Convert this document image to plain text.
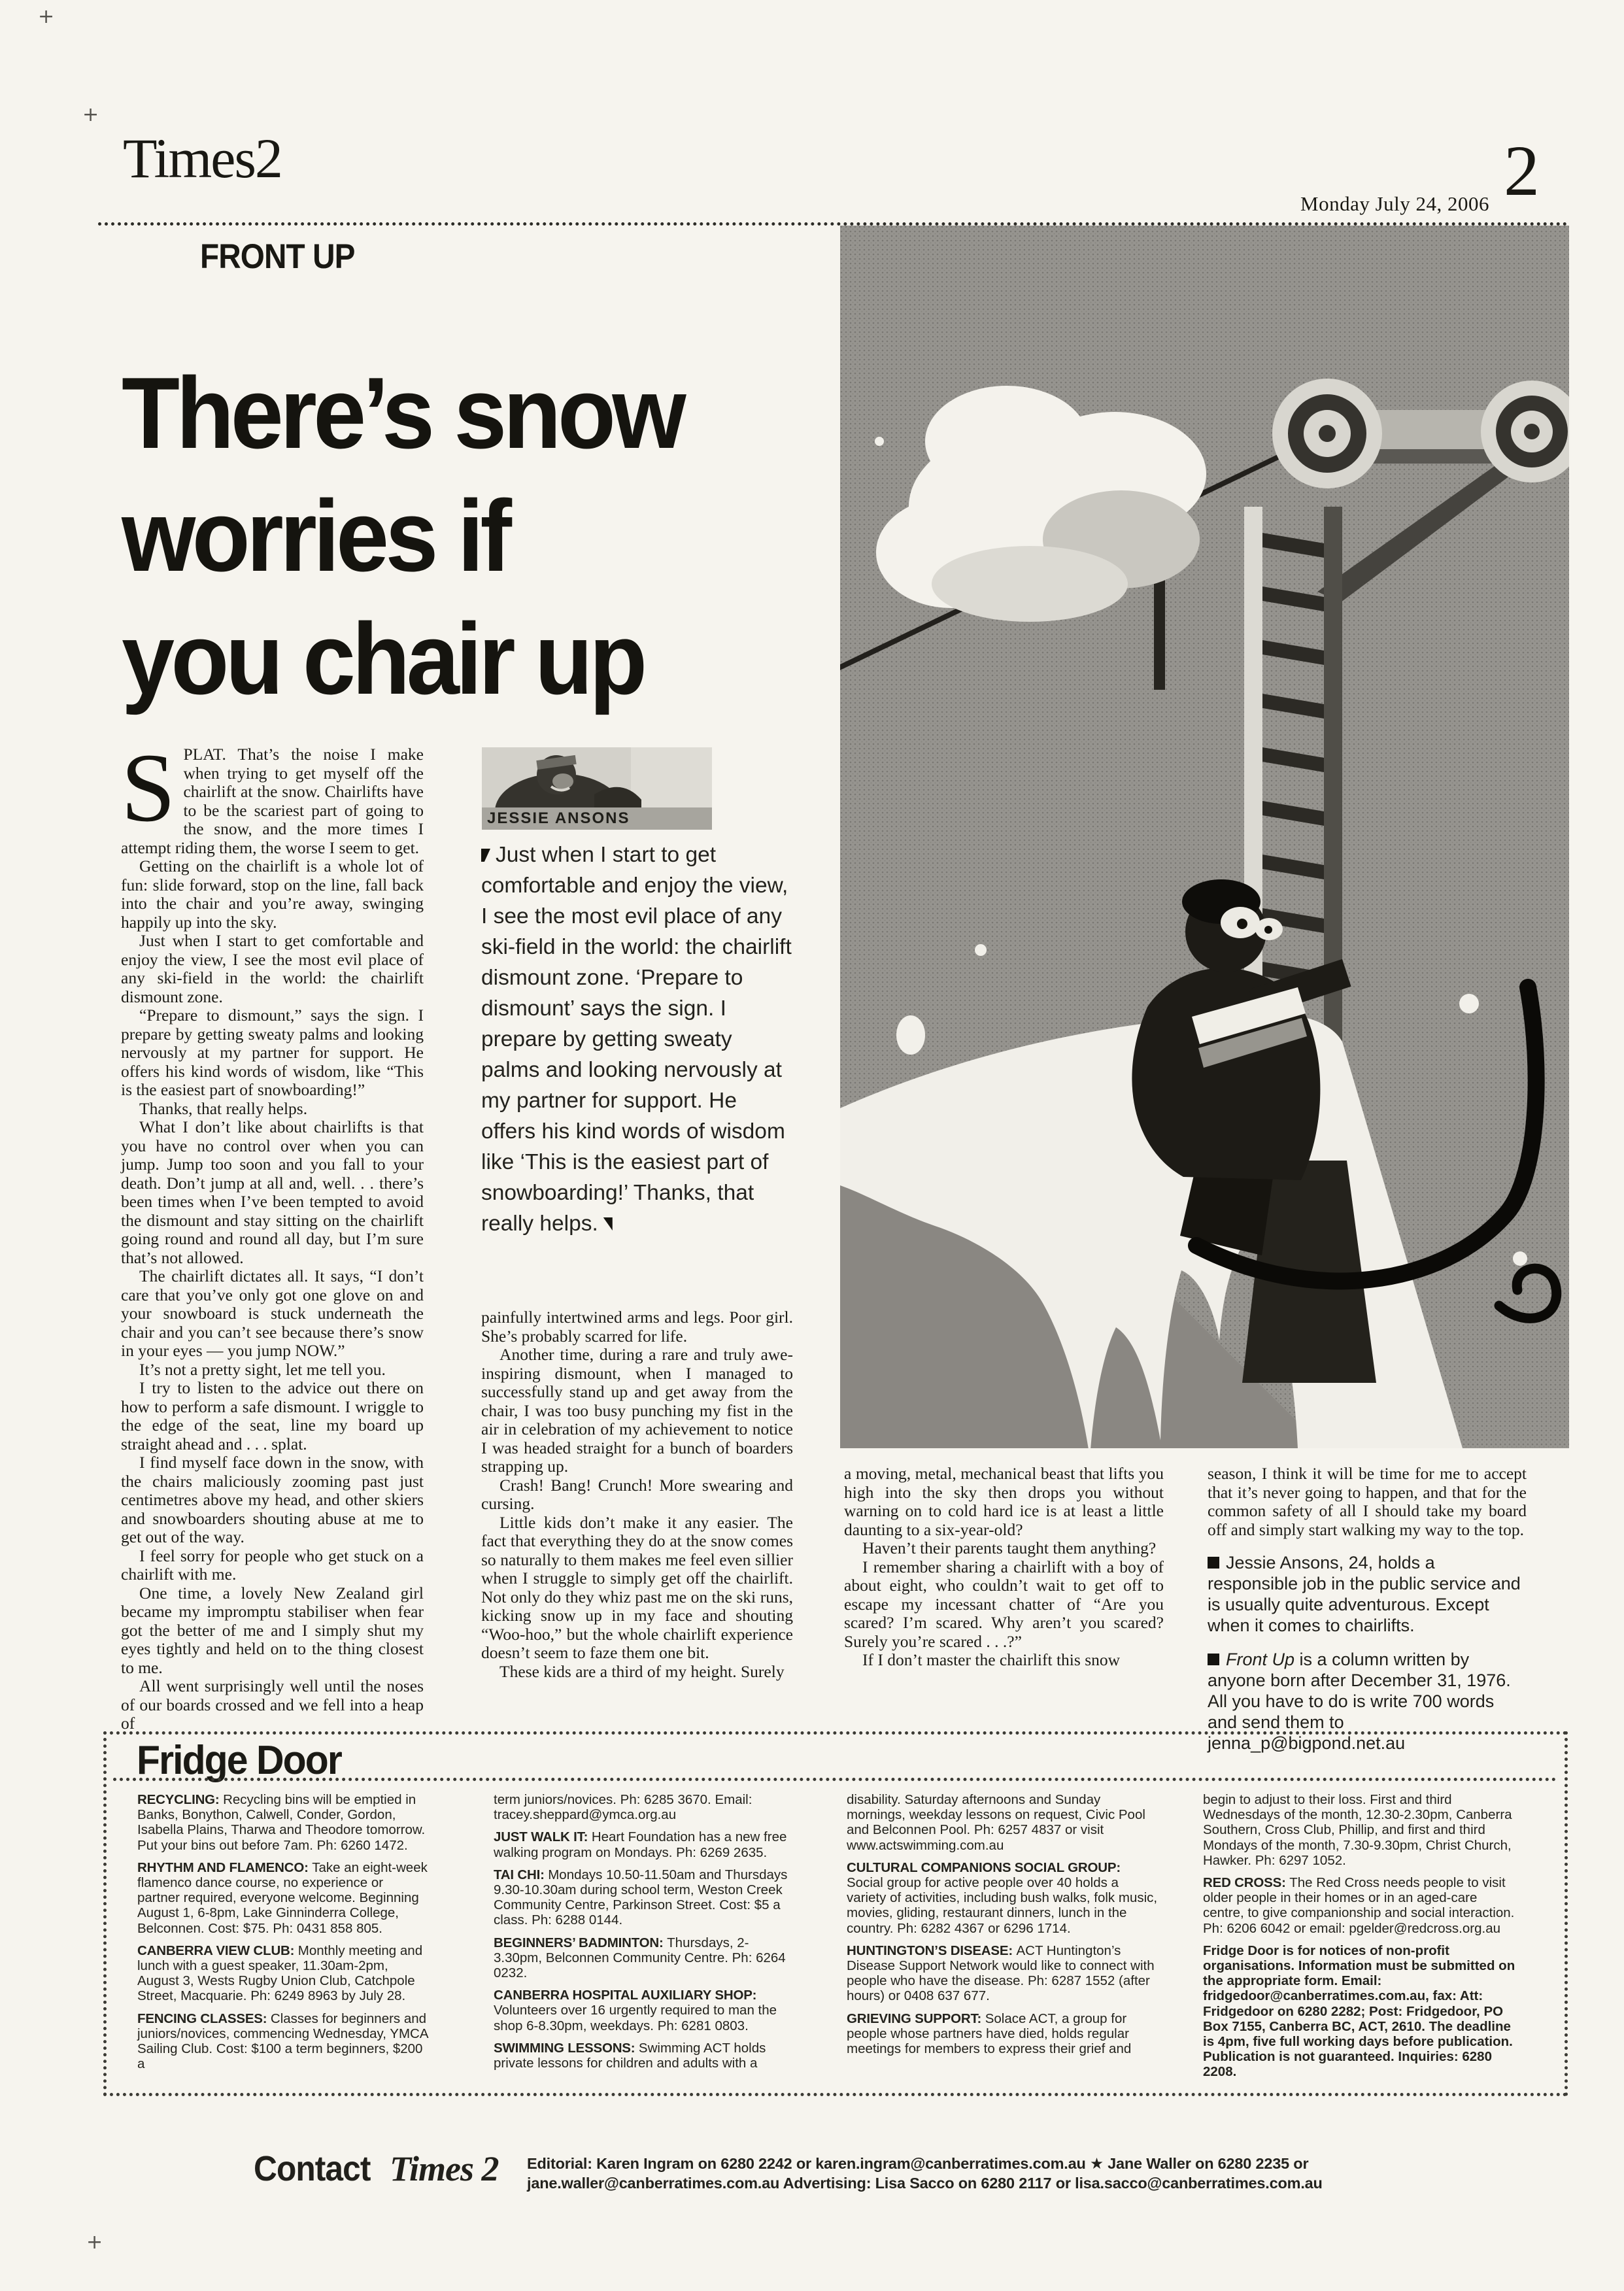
+
+
+
Times2
Monday July 24, 2006 2
FRONT UP
There’s snow
worries if
you chair up
JESSIE ANSONS
Just when I start to get comfortable and enjoy the view, I see the most evil place of any ski-field in the world: the chairlift dismount zone. ‘Prepare to dismount’ says the sign. I prepare by getting sweaty palms and looking nervously at my partner for support. He offers his kind words of wisdom like ‘This is the easiest part of snowboarding!’ Thanks, that really helps.

SPLAT. That’s the noise I make when trying to get myself off the chairlift at the snow. Chairlifts have to be the scariest part of going to the snow, and the more times I attempt riding them, the worse I seem to get.

Getting on the chairlift is a whole lot of fun: slide forward, stop on the line, fall back into the chair and you’re away, swinging happily up into the sky.

Just when I start to get comfortable and enjoy the view, I see the most evil place of any ski-field in the world: the chairlift dismount zone.

“Prepare to dismount,” says the sign. I prepare by getting sweaty palms and looking nervously at my partner for support. He offers his kind words of wisdom, like “This is the easiest part of snowboarding!”

Thanks, that really helps.

What I don’t like about chairlifts is that you have no control over when you can jump. Jump too soon and you fall to your death. Don’t jump at all and, well. . . there’s been times when I’ve been tempted to avoid the dismount and stay sitting on the chairlift going round and round all day, but I’m sure that’s not allowed.

The chairlift dictates all. It says, “I don’t care that you’ve only got one glove on and your snowboard is stuck underneath the chair and you can’t see because there’s snow in your eyes — you jump NOW.”

It’s not a pretty sight, let me tell you.

I try to listen to the advice out there on how to perform a safe dismount. I wriggle to the edge of the seat, line my board up straight ahead and . . . splat.

I find myself face down in the snow, with the chairs maliciously zooming past just centimetres above my head, and other skiers and snowboarders shouting abuse at me to get out of the way.

I feel sorry for people who get stuck on a chairlift with me.

One time, a lovely New Zealand girl became my impromptu stabiliser when fear got the better of me and I simply shut my eyes tightly and held on to the thing closest to me.

All went surprisingly well until the noses of our boards crossed and we fell into a heap of

painfully intertwined arms and legs. Poor girl. She’s probably scarred for life.

Another time, during a rare and truly awe-inspiring dismount, when I managed to successfully stand up and get away from the chair, I was too busy punching my fist in the air in celebration of my achievement to notice I was headed straight for a bunch of boarders strapping up.

Crash! Bang! Crunch! More swearing and cursing.

Little kids don’t make it any easier. The fact that everything they do at the snow comes so naturally to them makes me feel even sillier when I struggle to simply get off the chairlift. Not only do they whiz past me on the ski runs, kicking snow up in my face and shouting “Woo-hoo,” but the whole chairlift experience doesn’t seem to faze them one bit.

These kids are a third of my height. Surely

a moving, metal, mechanical beast that lifts you high into the sky then drops you without warning on to cold hard ice is at least a little daunting to a six-year-old?

Haven’t their parents taught them anything?

I remember sharing a chairlift with a boy of about eight, who couldn’t wait to get off to escape my incessant chatter of “Are you scared? I’m scared. Why aren’t you scared? Surely you’re scared . . .?”

If I don’t master the chairlift this snow

season, I think it will be time for me to accept that it’s never going to happen, and that for the common safety of all I should take my board off and simply start walking my way to the top.

Jessie Ansons, 24, holds a responsible job in the public service and is usually quite adventurous. Except when it comes to chairlifts.
Front Up is a column written by anyone born after December 31, 1976. All you have to do is write 700 words and send them to jenna_p@bigpond.net.au
Fridge Door

RECYCLING: Recycling bins will be emptied in Banks, Bonython, Calwell, Conder, Gordon, Isabella Plains, Tharwa and Theodore tomorrow. Put your bins out before 7am. Ph: 6260 1472.

RHYTHM AND FLAMENCO: Take an eight-week flamenco dance course, no experience or partner required, everyone welcome. Beginning August 1, 6-8pm, Lake Ginninderra College, Belconnen. Cost: $75. Ph: 0431 858 805.

CANBERRA VIEW CLUB: Monthly meeting and lunch with a guest speaker, 11.30am-2pm, August 3, Wests Rugby Union Club, Catchpole Street, Macquarie. Ph: 6249 8963 by July 28.

FENCING CLASSES: Classes for beginners and juniors/novices, commencing Wednesday, YMCA Sailing Club. Cost: $100 a term beginners, $200 a

term juniors/novices. Ph: 6285 3670. Email: tracey.sheppard@ymca.org.au

JUST WALK IT: Heart Foundation has a new free walking program on Mondays. Ph: 6269 2635.

TAI CHI: Mondays 10.50-11.50am and Thursdays 9.30-10.30am during school term, Weston Creek Community Centre, Parkinson Street. Cost: $5 a class. Ph: 6288 0144.

BEGINNERS’ BADMINTON: Thursdays, 2-3.30pm, Belconnen Community Centre. Ph: 6264 0232.

CANBERRA HOSPITAL AUXILIARY SHOP: Volunteers over 16 urgently required to man the shop 6-8.30pm, weekdays. Ph: 6281 0803.

SWIMMING LESSONS: Swimming ACT holds private lessons for children and adults with a

disability. Saturday afternoons and Sunday mornings, weekday lessons on request, Civic Pool and Belconnen Pool. Ph: 6257 4837 or visit www.actswimming.com.au

CULTURAL COMPANIONS SOCIAL GROUP: Social group for active people over 40 holds a variety of activities, including bush walks, folk music, movies, gliding, restaurant dinners, lunch in the country. Ph: 6282 4367 or 6296 1714.

HUNTINGTON’S DISEASE: ACT Huntington’s Disease Support Network would like to connect with people who have the disease. Ph: 6287 1552 (after hours) or 0408 637 677.

GRIEVING SUPPORT: Solace ACT, a group for people whose partners have died, holds regular meetings for members to express their grief and

begin to adjust to their loss. First and third Wednesdays of the month, 12.30-2.30pm, Canberra Southern, Cross Club, Phillip, and first and third Mondays of the month, 7.30-9.30pm, Christ Church, Hawker. Ph: 6297 1052.

RED CROSS: The Red Cross needs people to visit older people in their homes or in an aged-care centre, to give companionship and social interaction. Ph: 6206 6042 or email: pgelder@redcross.org.au

Fridge Door is for notices of non-profit organisations. Information must be submitted on the appropriate form. Email: fridgedoor@canberratimes.com.au, fax: Att: Fridgedoor on 6280 2282; Post: Fridgedoor, PO Box 7155, Canberra BC, ACT, 2610. The deadline is 4pm, five full working days before publication. Publication is not guaranteed. Inquiries: 6280 2208.

Contact Times 2 Editorial: Karen Ingram on 6280 2242 or karen.ingram@canberratimes.com.au ★ Jane Waller on 6280 2235 or
jane.waller@canberratimes.com.au Advertising: Lisa Sacco on 6280 2117 or lisa.sacco@canberratimes.com.au
